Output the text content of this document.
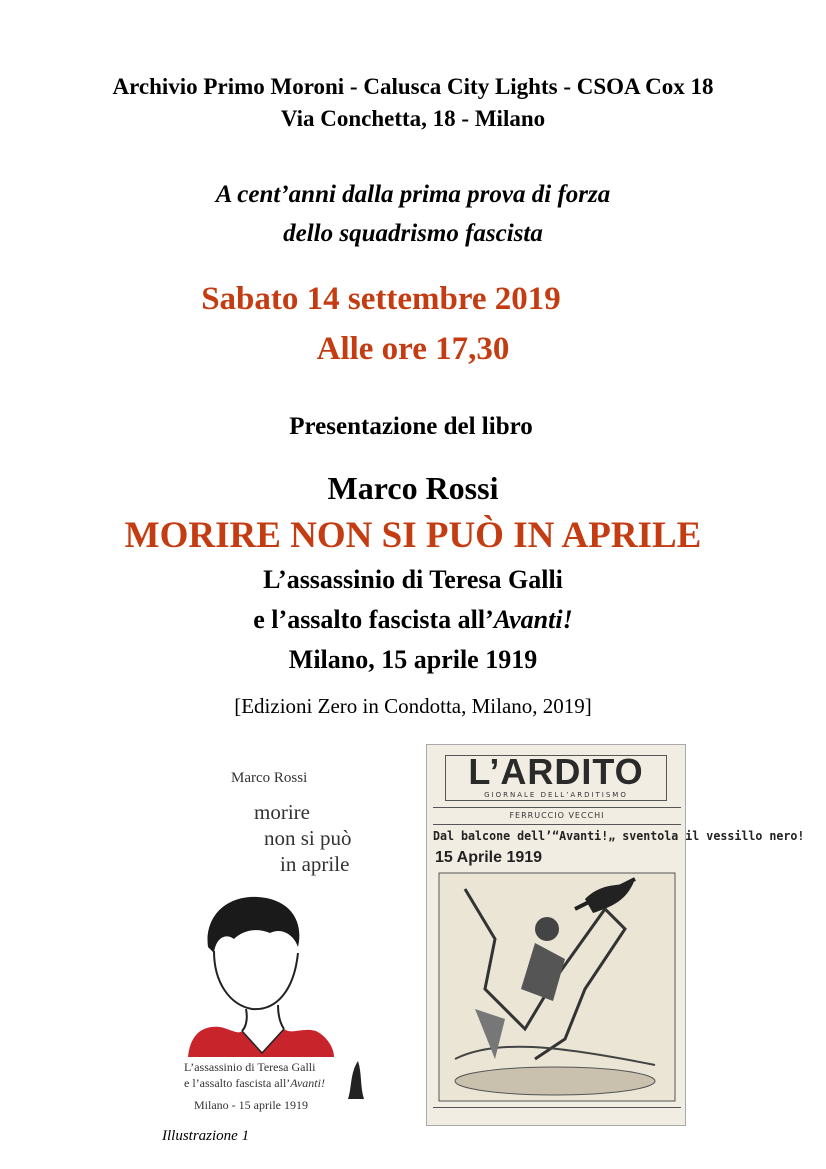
Archivio Primo Moroni - Calusca City Lights - CSOA Cox 18
Via Conchetta, 18 - Milano
A cent’anni dalla prima prova di forza
dello squadrismo fascista
Sabato 14 settembre 2019
Alle ore 17,30
Presentazione del libro
Marco Rossi
MORIRE NON SI PUÒ IN APRILE
L’assassinio di Teresa Galli
e l’assalto fascista all’Avanti!
Milano, 15 aprile 1919
[Edizioni Zero in Condotta, Milano, 2019]
Marco Rossi
morire
non si può
in aprile
L’assassinio di Teresa Galli
e l’assalto fascista all’Avanti!
Milano - 15 aprile 1919
Illustrazione 1
L’ARDITO
GIORNALE DELL’ARDITISMO
FERRUCCIO VECCHI
Dal balcone dell’“Avanti!„ sventola il vessillo nero!
15 Aprile 1919
